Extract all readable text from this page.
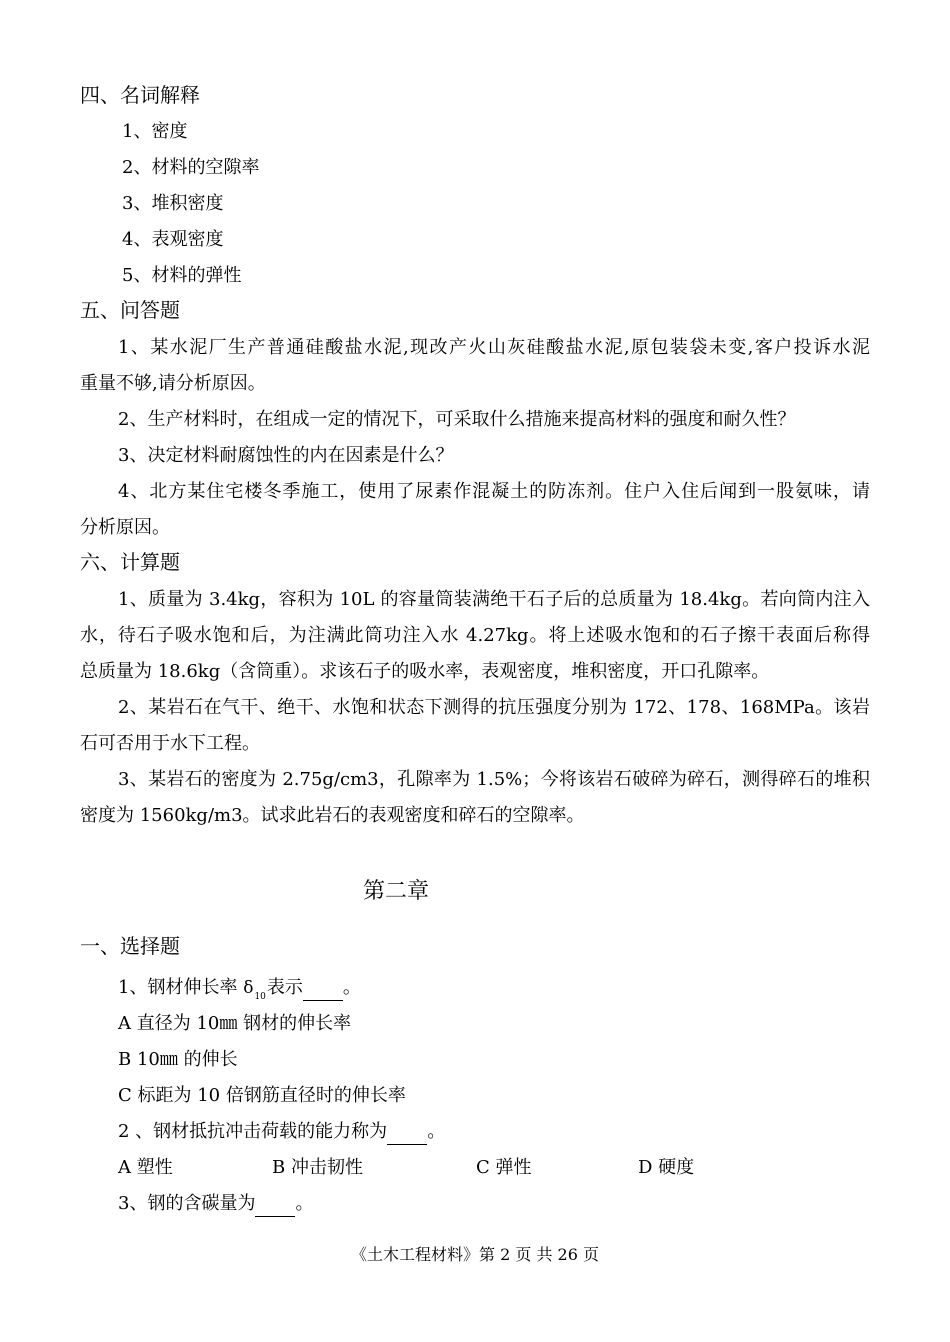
四、名词解释
1、密度
2、材料的空隙率
3、堆积密度
4、表观密度
5、材料的弹性
五、问答题
1、某水泥厂生产普通硅酸盐水泥,现改产火山灰硅酸盐水泥,原包装袋未变,客户投诉水泥
重量不够,请分析原因。
2、生产材料时，在组成一定的情况下，可采取什么措施来提高材料的强度和耐久性？
3、决定材料耐腐蚀性的内在因素是什么？
4、北方某住宅楼冬季施工，使用了尿素作混凝土的防冻剂。住户入住后闻到一股氨味，请
分析原因。
六、计算题
1、质量为 3.4kg，容积为 10L 的容量筒装满绝干石子后的总质量为 18.4kg。若向筒内注入
水，待石子吸水饱和后，为注满此筒功注入水 4.27kg。将上述吸水饱和的石子擦干表面后称得
总质量为 18.6kg（含筒重）。求该石子的吸水率，表观密度，堆积密度，开口孔隙率。
2、某岩石在气干、绝干、水饱和状态下测得的抗压强度分别为 172、178、168MPa。该岩
石可否用于水下工程。
3、某岩石的密度为 2.75g/cm3，孔隙率为 1.5%；今将该岩石破碎为碎石，测得碎石的堆积
密度为 1560kg/m3。试求此岩石的表观密度和碎石的空隙率。
第二章
一、选择题
1、钢材伸长率 $\delta_{10}$表示 。
A 直径为 10㎜ 钢材的伸长率
B 10㎜ 的伸长
C 标距为 10 倍钢筋直径时的伸长率
2 、钢材抵抗冲击荷载的能力称为 。
A 塑性	B 冲击韧性	C 弹性	D 硬度
3、钢的含碳量为 。
《土木工程材料》第 2 页 共 26 页
